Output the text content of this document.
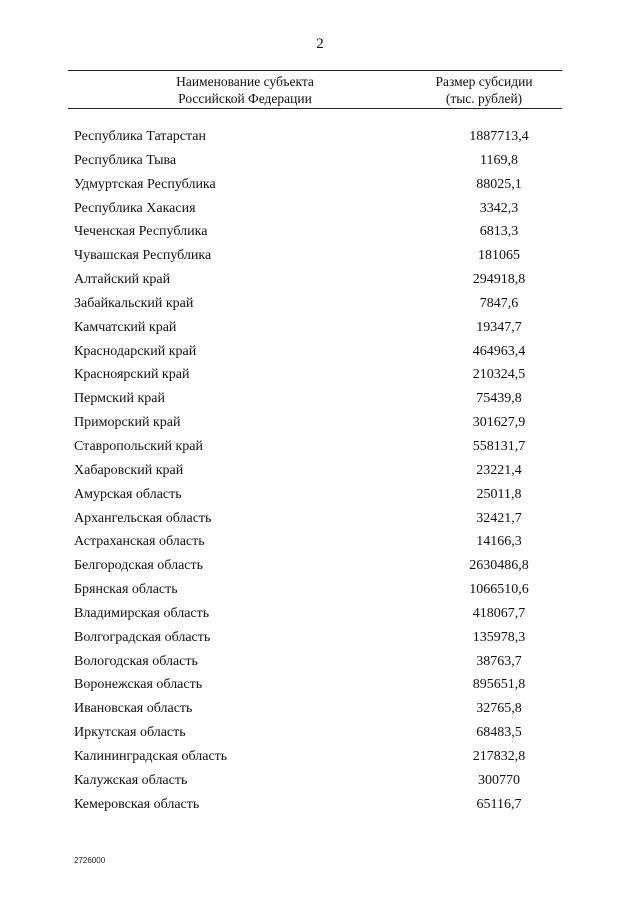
2
Наименование субъекта
Российской Федерации
Размер субсидии
(тыс. рублей)
Республика Татарстан	1887713,4
Республика Тыва	1169,8
Удмуртская Республика	88025,1
Республика Хакасия	3342,3
Чеченская Республика	6813,3
Чувашская Республика	181065
Алтайский край	294918,8
Забайкальский край	7847,6
Камчатский край	19347,7
Краснодарский край	464963,4
Красноярский край	210324,5
Пермский край	75439,8
Приморский край	301627,9
Ставропольский край	558131,7
Хабаровский край	23221,4
Амурская область	25011,8
Архангельская область	32421,7
Астраханская область	14166,3
Белгородская область	2630486,8
Брянская область	1066510,6
Владимирская область	418067,7
Волгоградская область	135978,3
Вологодская область	38763,7
Воронежская область	895651,8
Ивановская область	32765,8
Иркутская область	68483,5
Калининградская область	217832,8
Калужская область	300770
Кемеровская область	65116,7
2726000
